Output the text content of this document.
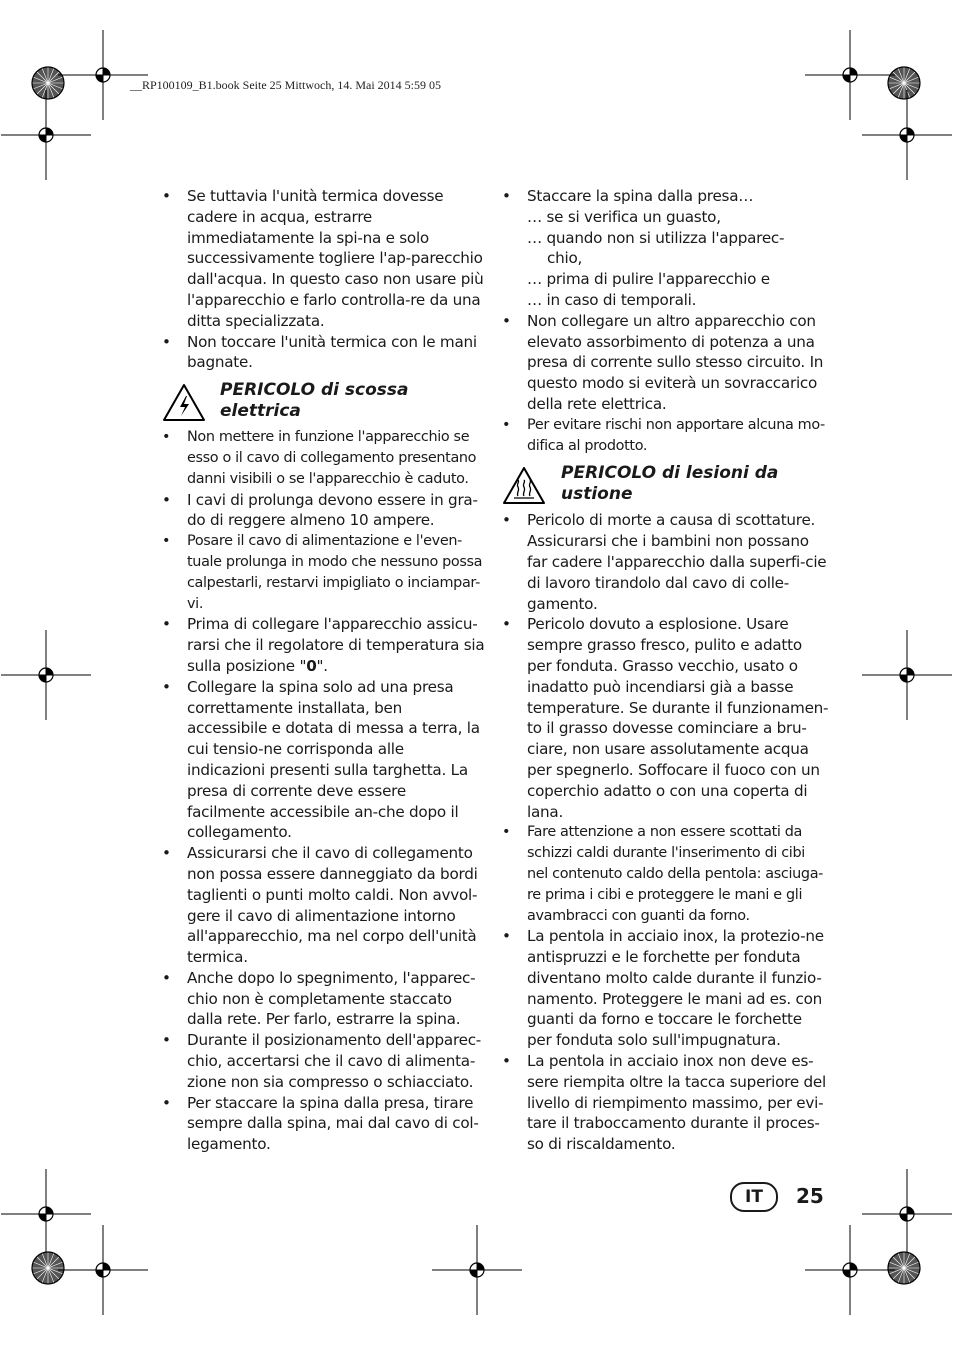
__RP100109_B1.book Seite 25 Mittwoch, 14. Mai 2014 5:59 05
• Se tuttavia l'unità termica dovesse cadere in acqua, estrarre immediatamente la spi-na e solo successivamente togliere l'ap-parecchio dall'acqua. In questo caso non usare più l'apparecchio e farlo controlla-re da una ditta specializzata.
• Non toccare l'unità termica con le mani bagnate.
PERICOLO di scossa
elettrica
• Non mettere in funzione l'apparecchio se esso o il cavo di collegamento presentano danni visibili o se l'apparecchio è caduto.
• I cavi di prolunga devono essere in gra-do di reggere almeno 10 ampere.
• Posare il cavo di alimentazione e l'even-tuale prolunga in modo che nessuno possa calpestarli, restarvi impigliato o inciampar-vi.
• Prima di collegare l'apparecchio assicu-rarsi che il regolatore di temperatura sia sulla posizione "0".
• Collegare la spina solo ad una presa correttamente installata, ben accessibile e dotata di messa a terra, la cui tensio-ne corrisponda alle indicazioni presenti sulla targhetta. La presa di corrente deve essere facilmente accessibile an-che dopo il collegamento.
• Assicurarsi che il cavo di collegamento non possa essere danneggiato da bordi taglienti o punti molto caldi. Non avvol-gere il cavo di alimentazione intorno all'apparecchio, ma nel corpo dell'unità termica.
• Anche dopo lo spegnimento, l'apparec-chio non è completamente staccato dalla rete. Per farlo, estrarre la spina.
• Durante il posizionamento dell'apparec-chio, accertarsi che il cavo di alimenta-zione non sia compresso o schiacciato.
• Per staccare la spina dalla presa, tirare sempre dalla spina, mai dal cavo di col-legamento.
• Staccare la spina dalla presa…
… se si verifica un guasto,
… quando non si utilizza l'apparec-
chio,
… prima di pulire l'apparecchio e
… in caso di temporali.
• Non collegare un altro apparecchio con elevato assorbimento di potenza a una presa di corrente sullo stesso circuito. In questo modo si eviterà un sovraccarico della rete elettrica.
• Per evitare rischi non apportare alcuna mo-difica al prodotto.
PERICOLO di lesioni da
ustione
• Pericolo di morte a causa di scottature. Assicurarsi che i bambini non possano far cadere l'apparecchio dalla superfi-cie di lavoro tirandolo dal cavo di colle-gamento.
• Pericolo dovuto a esplosione. Usare sempre grasso fresco, pulito e adatto per fonduta. Grasso vecchio, usato o inadatto può incendiarsi già a basse temperature. Se durante il funzionamen-to il grasso dovesse cominciare a bru-ciare, non usare assolutamente acqua per spegnerlo. Soffocare il fuoco con un coperchio adatto o con una coperta di lana.
• Fare attenzione a non essere scottati da schizzi caldi durante l'inserimento di cibi nel contenuto caldo della pentola: asciuga-re prima i cibi e proteggere le mani e gli avambracci con guanti da forno.
• La pentola in acciaio inox, la protezio-ne antispruzzi e le forchette per fonduta diventano molto calde durante il funzio-namento. Proteggere le mani ad es. con guanti da forno e toccare le forchette per fonduta solo sull'impugnatura.
• La pentola in acciaio inox non deve es-sere riempita oltre la tacca superiore del livello di riempimento massimo, per evi-tare il traboccamento durante il proces-so di riscaldamento.
IT	25
